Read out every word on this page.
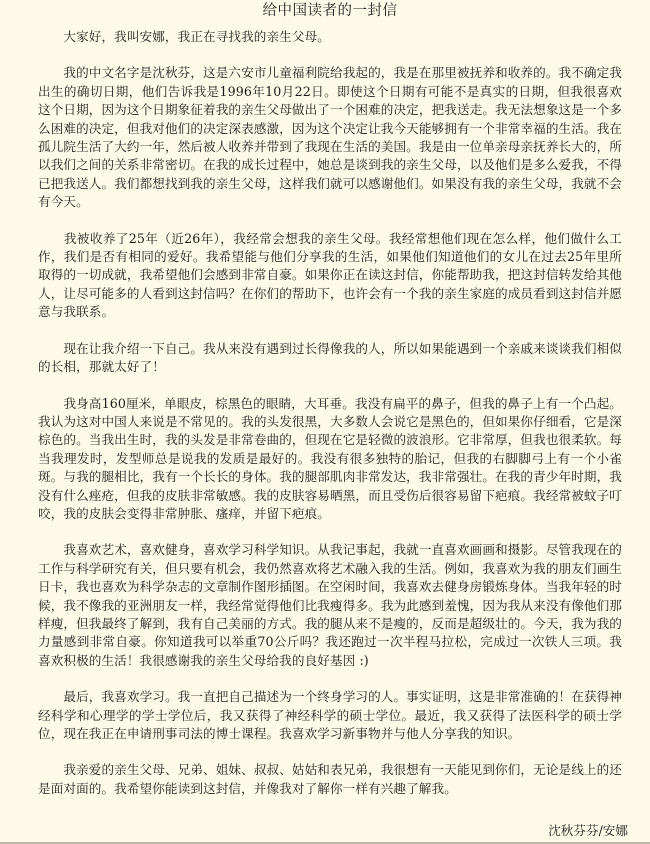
给中国读者的一封信

　　大家好，我叫安娜，我正在寻找我的亲生父母。

　　我的中文名字是沈秋芬，这是六安市儿童福利院给我起的，我是在那里被抚养和收养的。我不确定我出生的确切日期，他们告诉我是1996年10月22日。即使这个日期有可能不是真实的日期，但我很喜欢这个日期，因为这个日期象征着我的亲生父母做出了一个困难的决定，把我送走。我无法想象这是一个多么困难的决定，但我对他们的决定深表感激，因为这个决定让我今天能够拥有一个非常幸福的生活。我在孤儿院生活了大约一年，然后被人收养并带到了我现在生活的美国。我是由一位单亲母亲抚养长大的，所以我们之间的关系非常密切。在我的成长过程中，她总是谈到我的亲生父母，以及他们是多么爱我，不得已把我送人。我们都想找到我的亲生父母，这样我们就可以感谢他们。如果没有我的亲生父母，我就不会有今天。

　　我被收养了25年（近26年），我经常会想我的亲生父母。我经常想他们现在怎么样，他们做什么工作，我们是否有相同的爱好。我希望能与他们分享我的生活，如果他们知道他们的女儿在过去25年里所取得的一切成就，我希望他们会感到非常自豪。如果你正在读这封信，你能帮助我，把这封信转发给其他人，让尽可能多的人看到这封信吗？在你们的帮助下，也许会有一个我的亲生家庭的成员看到这封信并愿意与我联系。

　　现在让我介绍一下自己。我从来没有遇到过长得像我的人，所以如果能遇到一个亲戚来谈谈我们相似的长相，那就太好了！

　　我身高160厘米，单眼皮，棕黑色的眼睛，大耳垂。我没有扁平的鼻子，但我的鼻子上有一个凸起。我认为这对中国人来说是不常见的。我的头发很黑，大多数人会说它是黑色的，但如果你仔细看，它是深棕色的。当我出生时，我的头发是非常卷曲的，但现在它是轻微的波浪形。它非常厚，但我也很柔软。每当我理发时，发型师总是说我的发质是最好的。我没有很多独特的胎记，但我的右脚脚弓上有一个小雀斑。与我的腿相比，我有一个长长的身体。我的腿部肌肉非常发达，我非常强壮。在我的青少年时期，我没有什么痤疮，但我的皮肤非常敏感。我的皮肤容易晒黑，而且受伤后很容易留下疤痕。我经常被蚊子叮咬，我的皮肤会变得非常肿胀、瘙痒，并留下疤痕。

　　我喜欢艺术，喜欢健身，喜欢学习科学知识。从我记事起，我就一直喜欢画画和摄影。尽管我现在的工作与科学研究有关，但只要有机会，我仍然喜欢将艺术融入我的生活。例如，我喜欢为我的朋友们画生日卡，我也喜欢为科学杂志的文章制作图形插图。在空闲时间，我喜欢去健身房锻炼身体。当我年轻的时候，我不像我的亚洲朋友一样，我经常觉得他们比我瘦得多。我为此感到羞愧，因为我从来没有像他们那样瘦，但我最终了解到，我有自己美丽的方式。我的腿从来不是瘦的，反而是超级壮的。今天，我为我的力量感到非常自豪。你知道我可以举重70公斤吗？我还跑过一次半程马拉松，完成过一次铁人三项。我喜欢积极的生活！我很感谢我的亲生父母给我的良好基因 :)

　　最后，我喜欢学习。我一直把自己描述为一个终身学习的人。事实证明，这是非常准确的！在获得神经科学和心理学的学士学位后，我又获得了神经科学的硕士学位。最近，我又获得了法医科学的硕士学位，现在我正在申请刑事司法的博士课程。我喜欢学习新事物并与他人分享我的知识。

　　我亲爱的亲生父母、兄弟、姐妹、叔叔、姑姑和表兄弟，我很想有一天能见到你们，无论是线上的还是面对面的。我希望你能读到这封信，并像我对了解你一样有兴趣了解我。

沈秋芬芬/安娜
